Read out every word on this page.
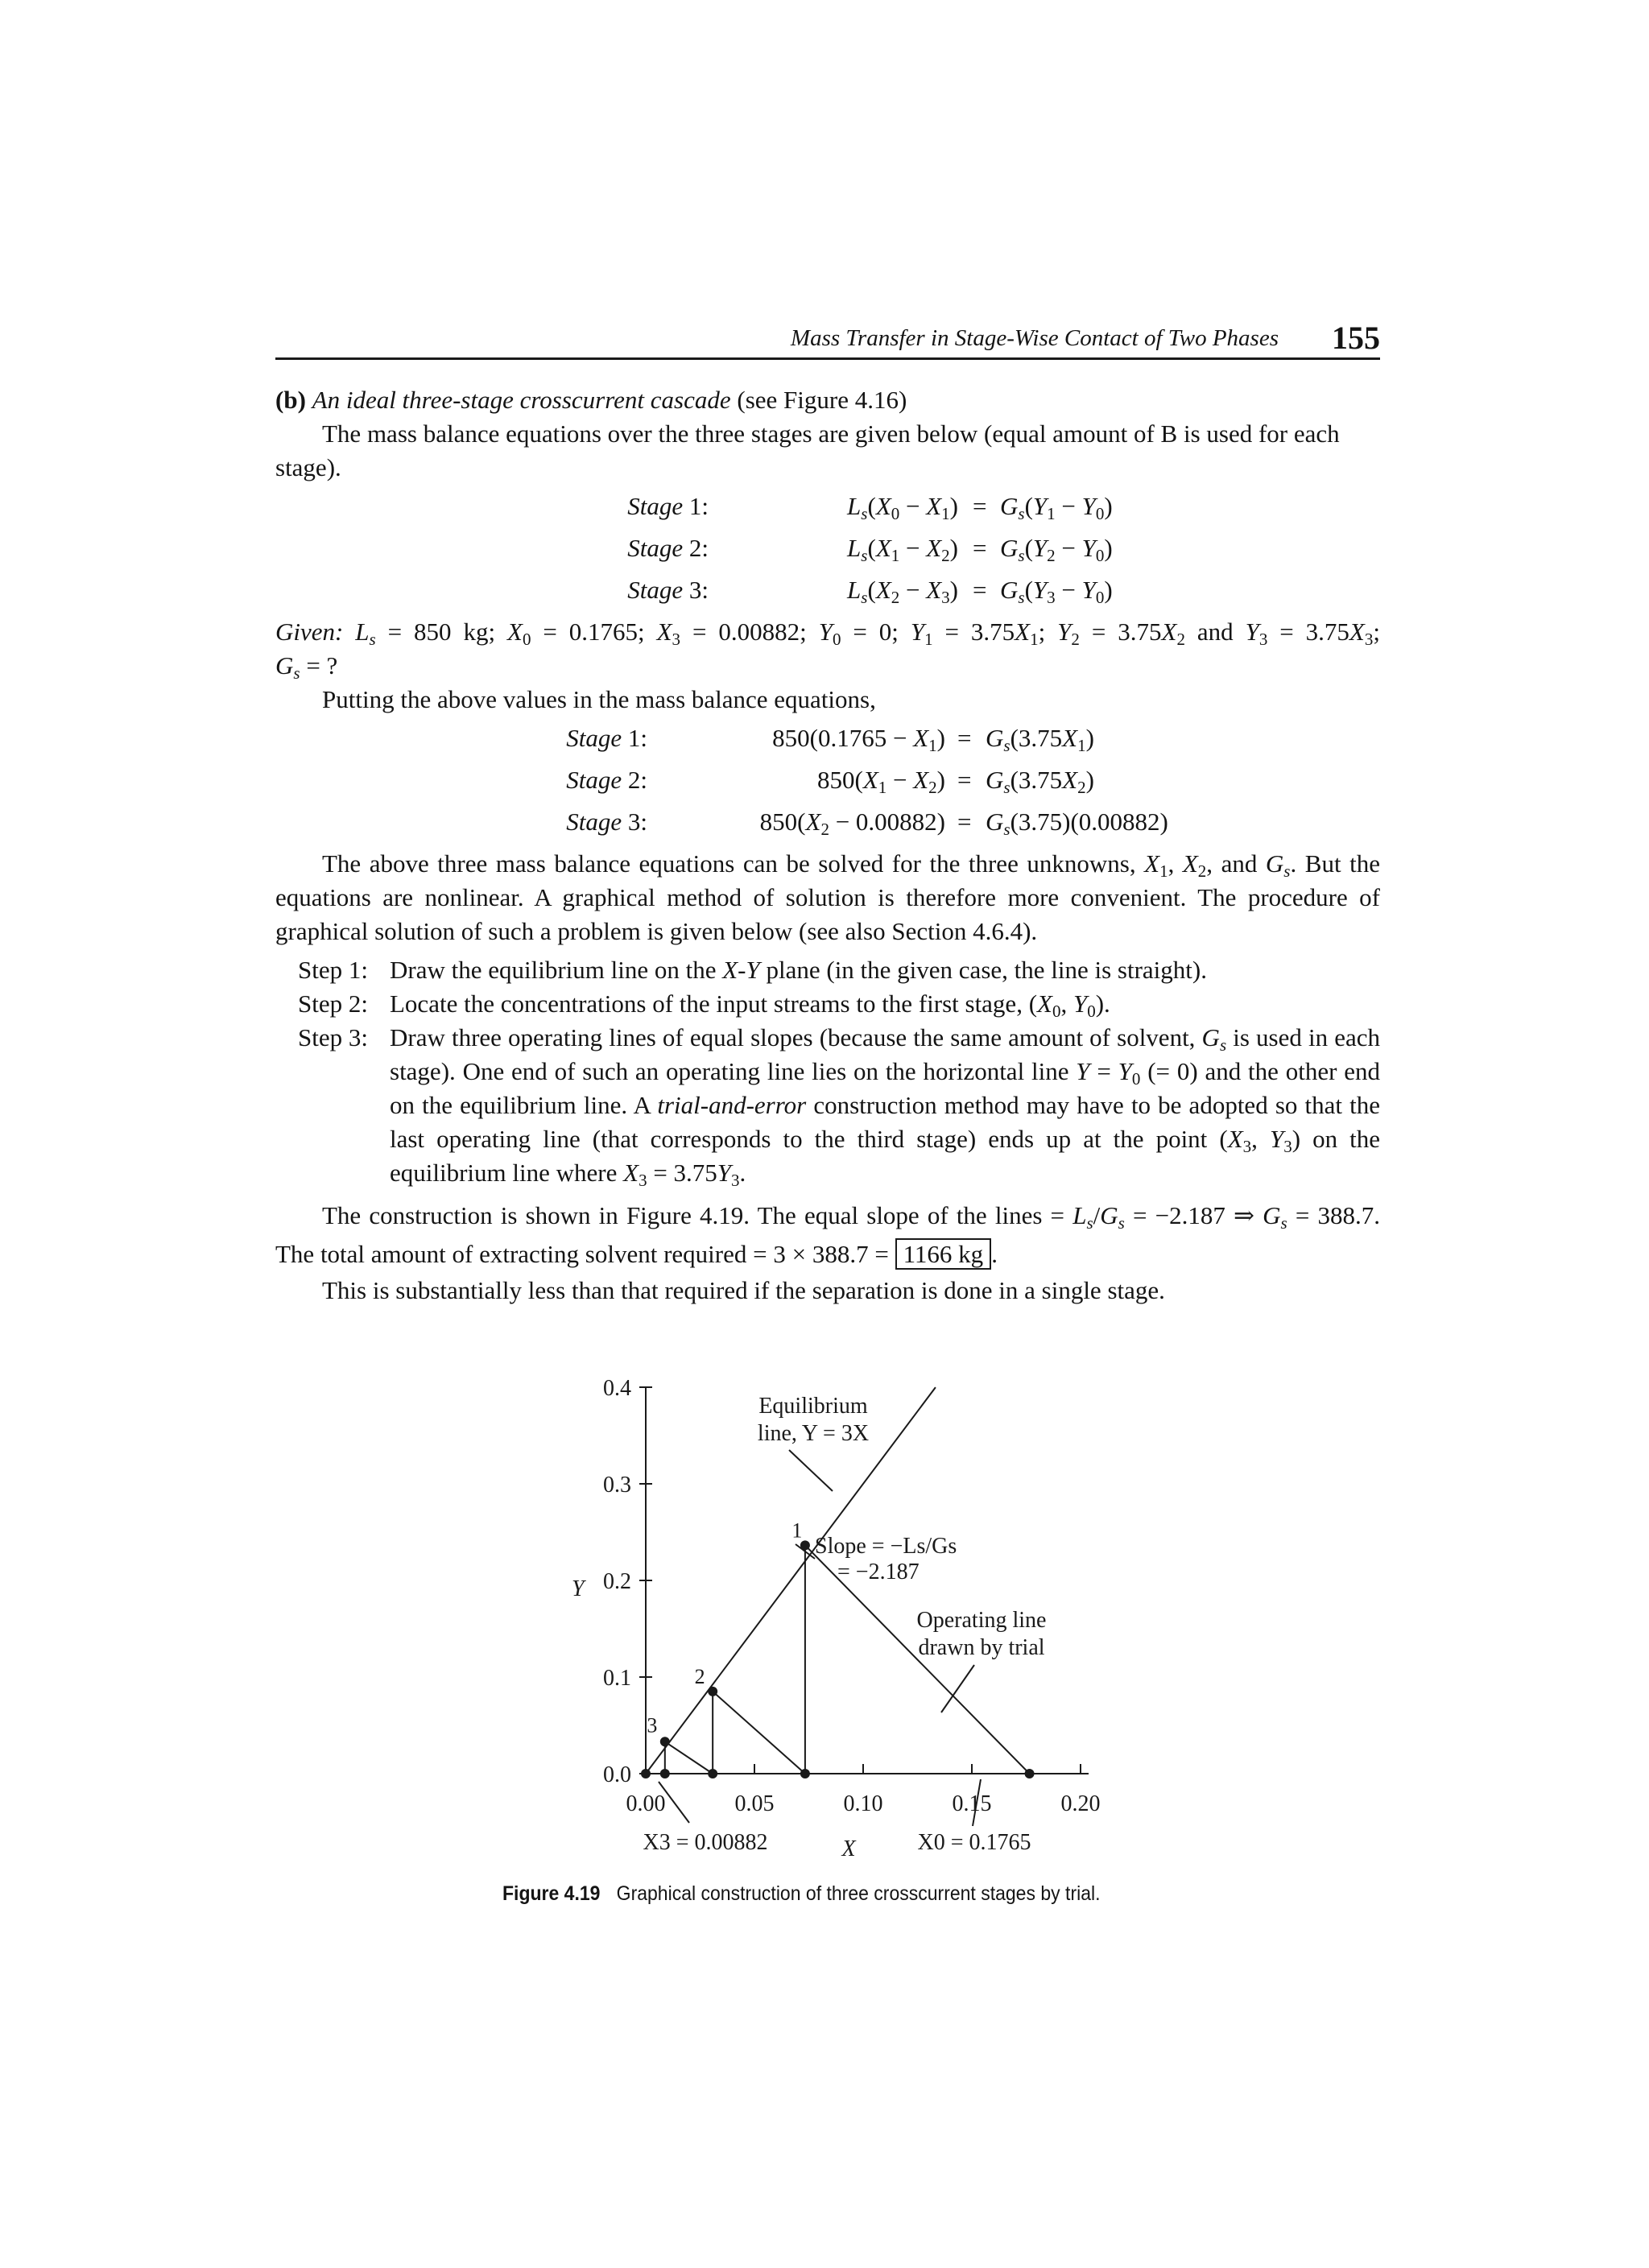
Mass Transfer in Stage-Wise Contact of Two Phases 155

(b) An ideal three-stage crosscurrent cascade (see Figure 4.16)

The mass balance equations over the three stages are given below (equal amount of B is used for each stage).

Stage 1:	$L_s(X_0 - X_1) = G_s(Y_1 - Y_0)$
Stage 2:	$L_s(X_1 - X_2) = G_s(Y_2 - Y_0)$
Stage 3:	$L_s(X_2 - X_3) = G_s(Y_3 - Y_0)$

Given: $L_s = 850$ kg; $X_0 = 0.1765$; $X_3 = 0.00882$; $Y_0 = 0$; $Y_1 = 3.75X_1$; $Y_2 = 3.75X_2$ and $Y_3 = 3.75X_3$;

$G_s$ = ?

Putting the above values in the mass balance equations,

Stage 1:	$850(0.1765 - X_1) = G_s(3.75X_1)$
Stage 2:	$850(X_1 - X_2) = G_s(3.75X_2)$
Stage 3:	$850(X_2 - 0.00882) = G_s(3.75)(0.00882)$

The above three mass balance equations can be solved for the three unknowns, $X_1$, $X_2$, and $G_s$. But the equations are nonlinear. A graphical method of solution is therefore more convenient. The procedure of graphical solution of such a problem is given below (see also Section 4.6.4).

Step 1: Draw the equilibrium line on the X-Y plane (in the given case, the line is straight).
Step 2: Locate the concentrations of the input streams to the first stage, ($X_0$, $Y_0$).
Step 3: Draw three operating lines of equal slopes (because the same amount of solvent, $G_s$ is used in each stage). One end of such an operating line lies on the horizontal line $Y = Y_0$ (= 0) and the other end on the equilibrium line. A trial-and-error construction method may have to be adopted so that the last operating line (that corresponds to the third stage) ends up at the point ($X_3$, $Y_3$) on the equilibrium line where $X_3 = 3.75Y_3$.

The construction is shown in Figure 4.19. The equal slope of the lines = $L_s/G_s = -2.187$ ⇒ $G_s = 388.7$. The total amount of extracting solvent required = 3 × 388.7 = 1166 kg .

This is substantially less than that required if the separation is done in a single stage.

0.0
0.1
0.2
0.3
0.4
0.00	0.05	0.10	0.15	0.20
Y
X
1
2
3
Equilibrium
line, Y = 3X
Slope = −Ls/Gs
= −2.187
Operating line
drawn by trial
X3 = 0.00882	X0 = 0.1765
Figure 4.19 Graphical construction of three crosscurrent stages by trial.
